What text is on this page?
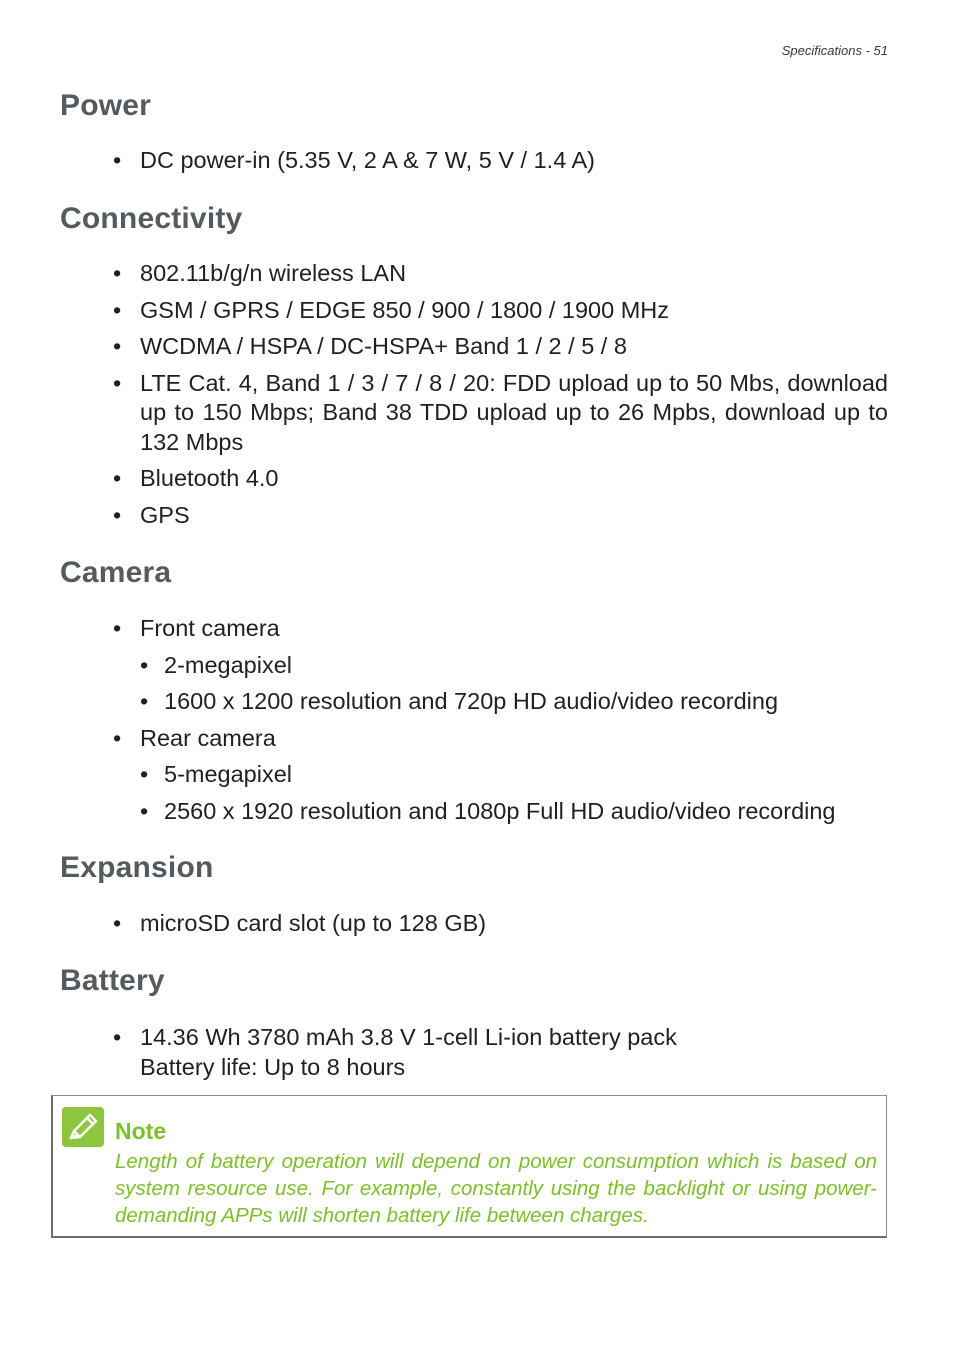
Specifications - 51
Power
• DC power-in (5.35 V, 2 A & 7 W, 5 V / 1.4 A)
Connectivity
• 802.11b/g/n wireless LAN
• GSM / GPRS / EDGE 850 / 900 / 1800 / 1900 MHz
• WCDMA / HSPA / DC-HSPA+ Band 1 / 2 / 5 / 8
• LTE Cat. 4, Band 1 / 3 / 7 / 8 / 20: FDD upload up to 50 Mbs, download up to 150 Mbps; Band 38 TDD upload up to 26 Mpbs, download up to 132 Mbps
• Bluetooth 4.0
• GPS
Camera
• Front camera
• 2-megapixel
• 1600 x 1200 resolution and 720p HD audio/video recording
• Rear camera
• 5-megapixel
• 2560 x 1920 resolution and 1080p Full HD audio/video recording
Expansion
• microSD card slot (up to 128 GB)
Battery
• 14.36 Wh 3780 mAh 3.8 V 1-cell Li-ion battery pack
Battery life: Up to 8 hours

Note

Length of battery operation will depend on power consumption which is based on system resource use. For example, constantly using the backlight or using power-demanding APPs will shorten battery life between charges.
